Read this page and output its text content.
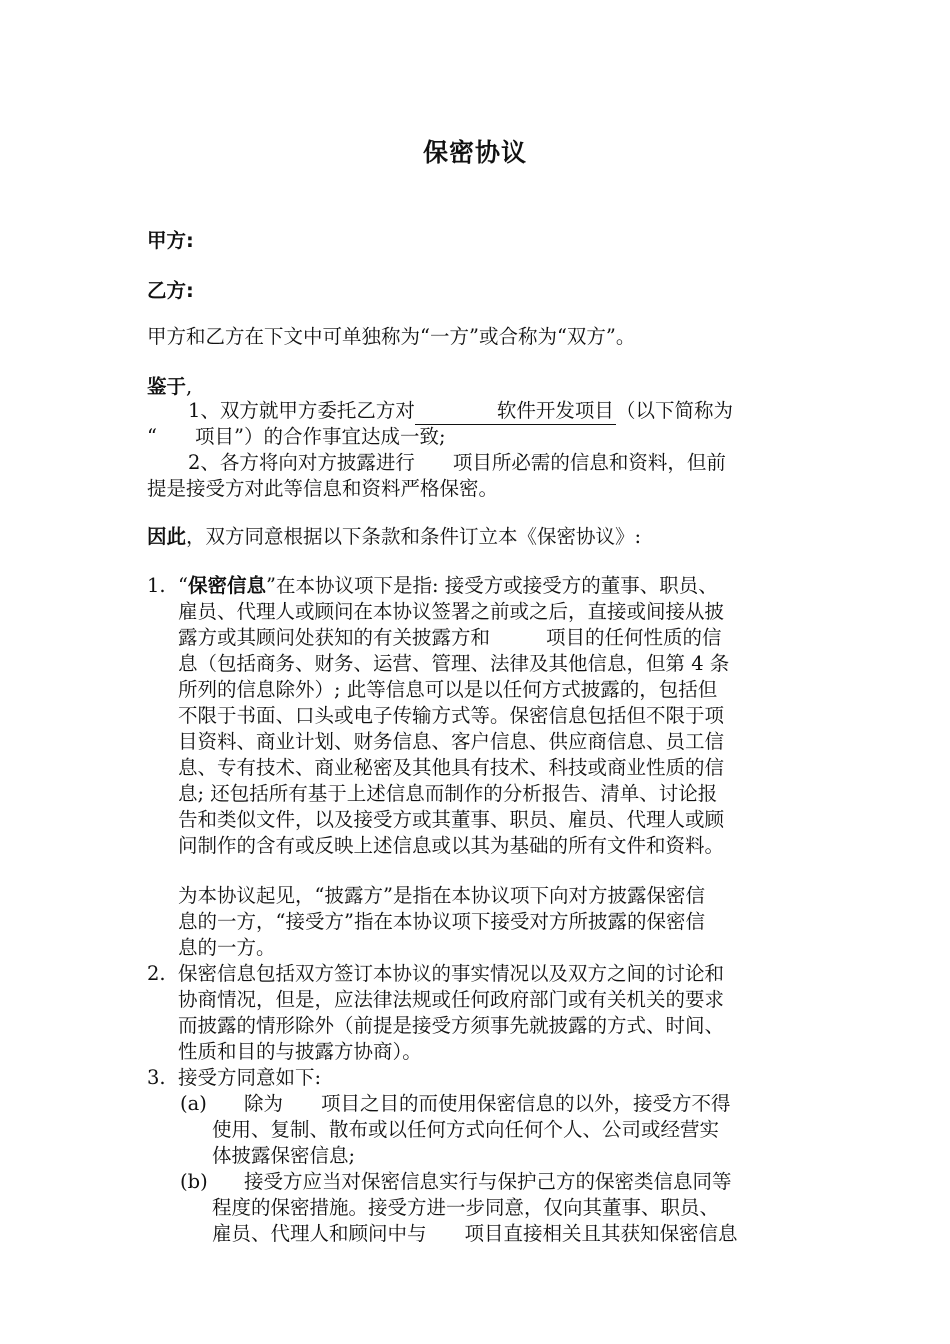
保密协议
甲方:
乙方:
甲方和乙方在下文中可单独称为“一方”或合称为“双方”。
鉴于,
1、双方就甲方委托乙方对	软件开发项目 （以下简称为
“ 项目”）的合作事宜达成一致;
2、各方将向对方披露进行 项目所必需的信息和资料，但前
提是接受方对此等信息和资料严格保密。
因此，双方同意根据以下条款和条件订立本《保密协议》:
1. “保密信息”在本协议项下是指: 接受方或接受方的董事、职员、
雇员、代理人或顾问在本协议签署之前或之后，直接或间接从披
露方或其顾问处获知的有关披露方和	项目的任何性质的信
息（包括商务、财务、运营、管理、法律及其他信息，但第 4 条
所列的信息除外）; 此等信息可以是以任何方式披露的，包括但
不限于书面、口头或电子传输方式等。保密信息包括但不限于项
目资料、商业计划、财务信息、客户信息、供应商信息、员工信
息、专有技术、商业秘密及其他具有技术、科技或商业性质的信
息; 还包括所有基于上述信息而制作的分析报告、清单、讨论报
告和类似文件，以及接受方或其董事、职员、雇员、代理人或顾
问制作的含有或反映上述信息或以其为基础的所有文件和资料。
为本协议起见，“披露方”是指在本协议项下向对方披露保密信
息的一方，“接受方”指在本协议项下接受对方所披露的保密信
息的一方。
2. 保密信息包括双方签订本协议的事实情况以及双方之间的讨论和
协商情况，但是，应法律法规或任何政府部门或有关机关的要求
而披露的情形除外（前提是接受方须事先就披露的方式、时间、
性质和目的与披露方协商）。
3. 接受方同意如下:
(a) 除为 项目之目的而使用保密信息的以外，接受方不得
使用、复制、散布或以任何方式向任何个人、公司或经营实
体披露保密信息;
(b) 接受方应当对保密信息实行与保护己方的保密类信息同等
程度的保密措施。接受方进一步同意，仅向其董事、职员、
雇员、代理人和顾问中与 项目直接相关且其获知保密信息
